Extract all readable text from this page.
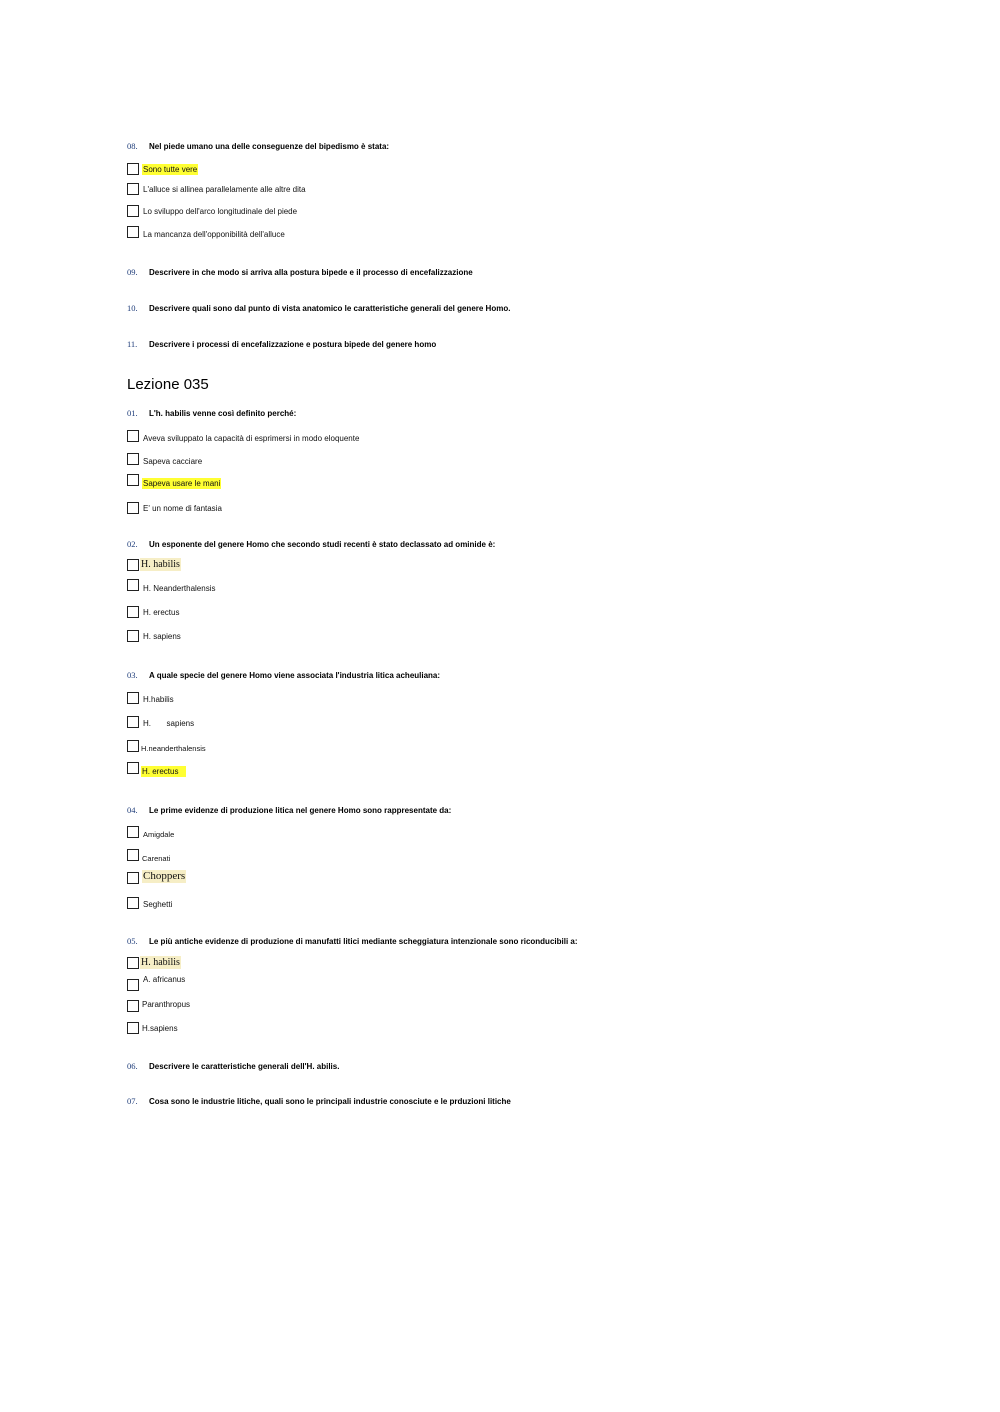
08. Nel piede umano una delle conseguenze del bipedismo è stata:
Sono tutte vere
L'alluce si allinea parallelamente alle altre dita
Lo sviluppo dell'arco longitudinale del piede
La mancanza dell'opponibilità dell'alluce
09. Descrivere in che modo si arriva alla postura bipede e il processo di encefalizzazione
10. Descrivere quali sono dal punto di vista anatomico le caratteristiche generali del genere Homo.
11. Descrivere i processi di encefalizzazione e postura bipede del genere homo
Lezione 035
01. L'h. habilis venne così definito perché:
Aveva sviluppato la capacità di esprimersi in modo eloquente
Sapeva cacciare
Sapeva usare le mani
E' un nome di fantasia
02. Un esponente del genere Homo che secondo studi recenti è stato declassato ad ominide è:
H. habilis
H. Neanderthalensis
H. erectus
H. sapiens
03. A quale specie del genere Homo viene associata l'industria litica acheuliana:
H.habilis
H.       sapiens
H.neanderthalensis
H. erectus
04. Le prime evidenze di produzione litica nel genere Homo sono rappresentate da:
Amigdale
Carenati
Choppers
Seghetti
05. Le più antiche evidenze di produzione di manufatti litici mediante scheggiatura intenzionale sono riconducibili a:
H. habilis
A. africanus
Paranthropus
H.sapiens
06. Descrivere le caratteristiche generali dell'H. abilis.
07. Cosa sono le industrie litiche, quali sono le principali industrie conosciute e le prduzioni litiche
